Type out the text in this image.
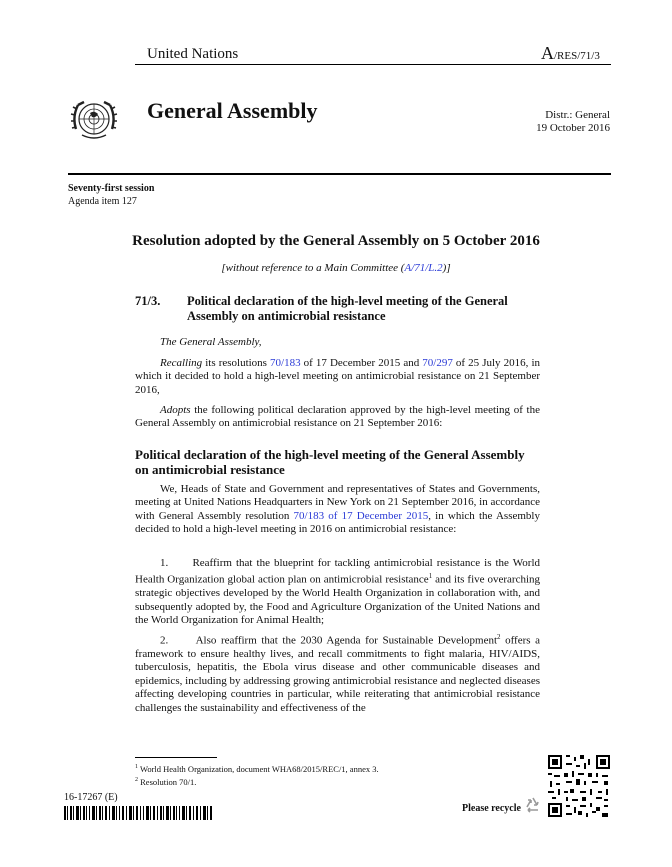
United Nations	A/RES/71/3
General Assembly	Distr.: General
19 October 2016
Seventy-first session
Agenda item 127
Resolution adopted by the General Assembly on 5 October 2016
[without reference to a Main Committee (A/71/L.2)]
71/3. Political declaration of the high-level meeting of the General Assembly on antimicrobial resistance
The General Assembly,
Recalling its resolutions 70/183 of 17 December 2015 and 70/297 of 25 July 2016, in which it decided to hold a high-level meeting on antimicrobial resistance on 21 September 2016,
Adopts the following political declaration approved by the high-level meeting of the General Assembly on antimicrobial resistance on 21 September 2016:
Political declaration of the high-level meeting of the General Assembly on antimicrobial resistance
We, Heads of State and Government and representatives of States and Governments, meeting at United Nations Headquarters in New York on 21 September 2016, in accordance with General Assembly resolution 70/183 of 17 December 2015, in which the Assembly decided to hold a high-level meeting in 2016 on antimicrobial resistance:
1. Reaffirm that the blueprint for tackling antimicrobial resistance is the World Health Organization global action plan on antimicrobial resistance$^1$ and its five overarching strategic objectives developed by the World Health Organization in collaboration with, and subsequently adopted by, the Food and Agriculture Organization of the United Nations and the World Organization for Animal Health;
2. Also reaffirm that the 2030 Agenda for Sustainable Development$^2$ offers a framework to ensure healthy lives, and recall commitments to fight malaria, HIV/AIDS, tuberculosis, hepatitis, the Ebola virus disease and other communicable diseases and epidemics, including by addressing growing antimicrobial resistance and neglected diseases affecting developing countries in particular, while reiterating that antimicrobial resistance challenges the sustainability and effectiveness of the
$^1$ World Health Organization, document WHA68/2015/REC/1, annex 3.
$^2$ Resolution 70/1.
16-17267 (E)
Please recycle
